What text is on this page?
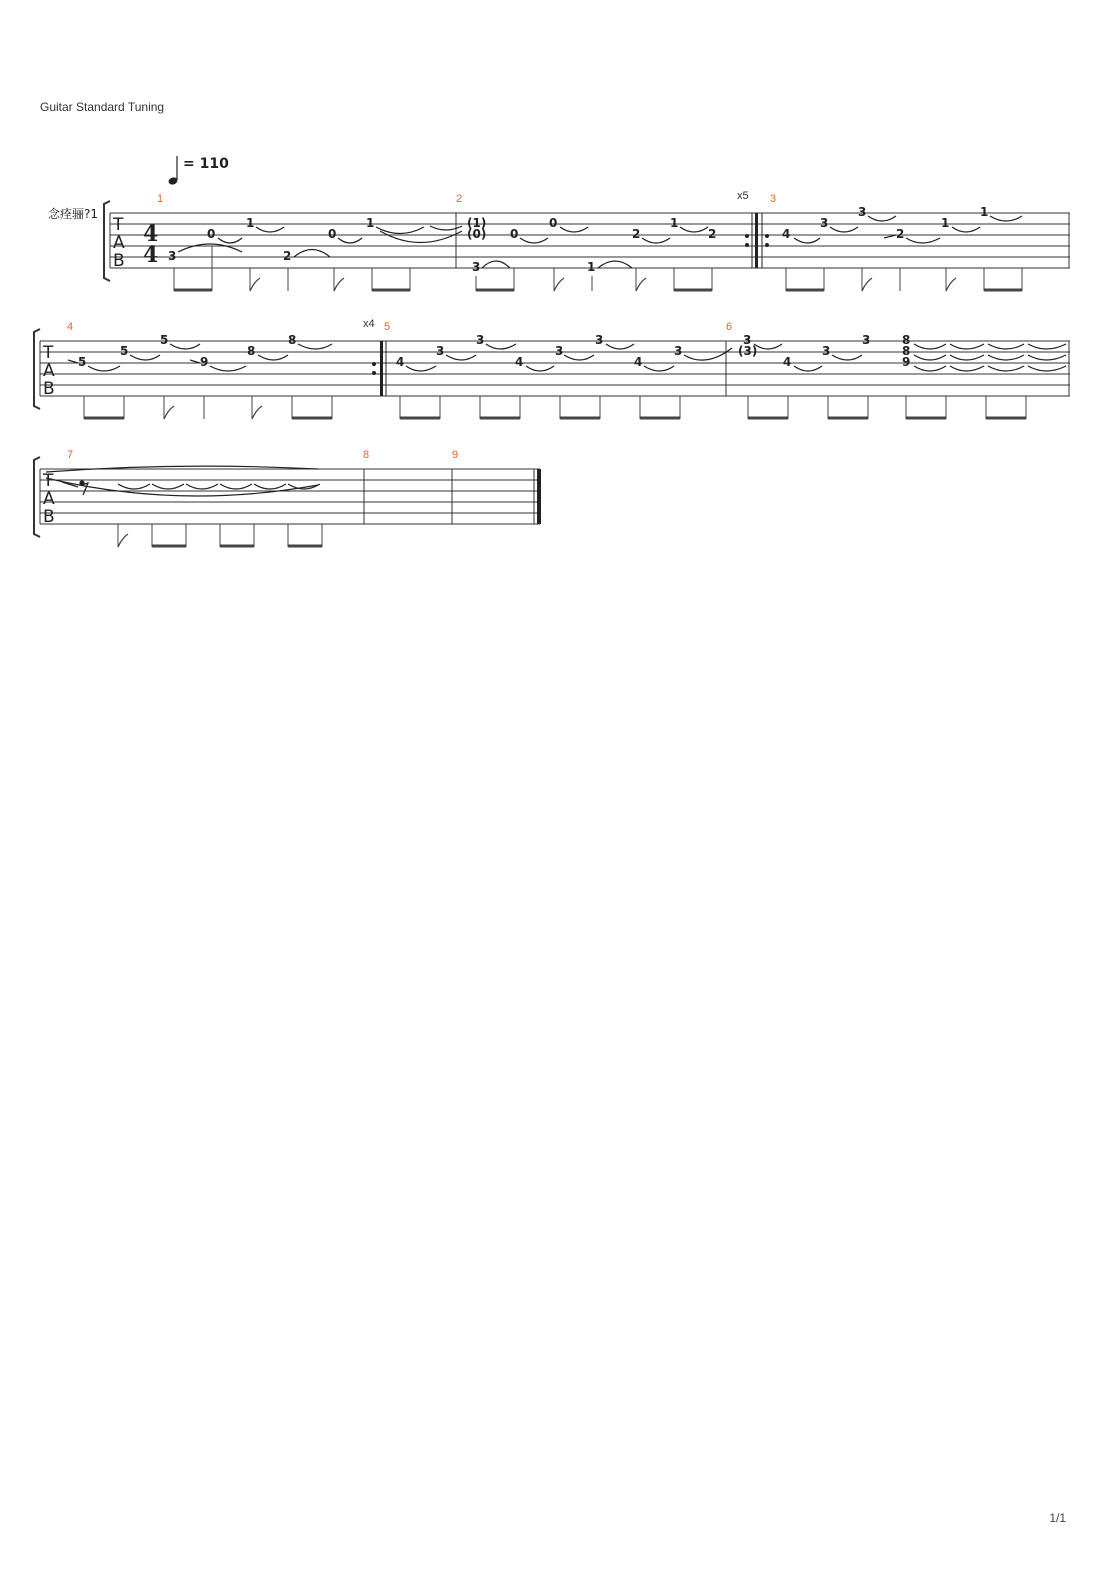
Guitar Standard Tuning
念痊骊?1
= 110
T
A
B
T
A
B
T
A
B
4
4
1	2	3
4	5	6
7	8	9
x5
x4
3
0
1
2
0
1	(1)
(0)
3
0
0
1
2
1
2	4
3
3
2
1
1
5
5
5
9
8
8
4
3
3
4
3
3
4
3
3
(3)
4
3
3	8
8
9
1/1
